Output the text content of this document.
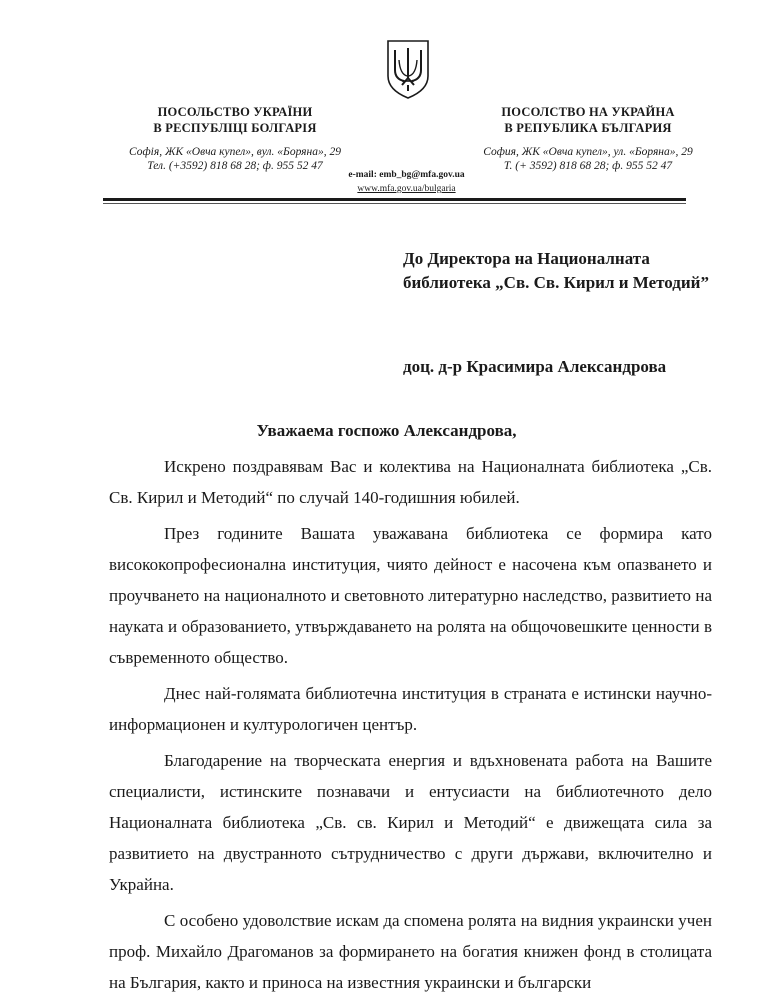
ПОСОЛЬСТВО УКРАЇНИ
В РЕСПУБЛІЦІ БОЛГАРІЯ
Софія, ЖК «Овча купел», вул. «Боряна», 29
Тел. (+3592) 818 68 28; ф. 955 52 47
ПОСОЛСТВО НА УКРАЙНА
В РЕПУБЛИКА БЪЛГАРИЯ
София, ЖК «Овча купел», ул. «Боряна», 29
Т. (+ 3592) 818 68 28; ф. 955 52 47
e-mail: emb_bg@mfa.gov.ua
www.mfa.gov.ua/bulgaria
До Директора на Националната библиотека „Св. Св. Кирил и Методий”
доц. д-р Красимира Александрова
Уважаема госпожо Александрова,

Искрено поздравявам Вас и колектива на Националната библиотека „Св. Св. Кирил и Методий“ по случай 140-годишния юбилей.

През годините Вашата уважавана библиотека се формира като висококопрофесионална институция, чиято дейност е насочена към опазването и проучването на националното и световното литературно наследство, развитието на науката и образованието, утвърждаването на ролята на общочовешките ценности в съвременното общество.

Днес най-голямата библиотечна институция в страната е истински научно-информационен и културологичен център.

Благодарение на творческата енергия и вдъхновената работа на Вашите специалисти, истинските познавачи и ентусиасти на библиотечното дело Националната библиотека „Св. св. Кирил и Методий“ е движещата сила за развитието на двустранното сътрудничество с други държави, включително и Украйна.

С особено удоволствие искам да спомена ролята на видния украински учен проф. Михайло Драгоманов за формирането на богатия книжен фонд в столицата на България, както и приноса на известния украински и български
